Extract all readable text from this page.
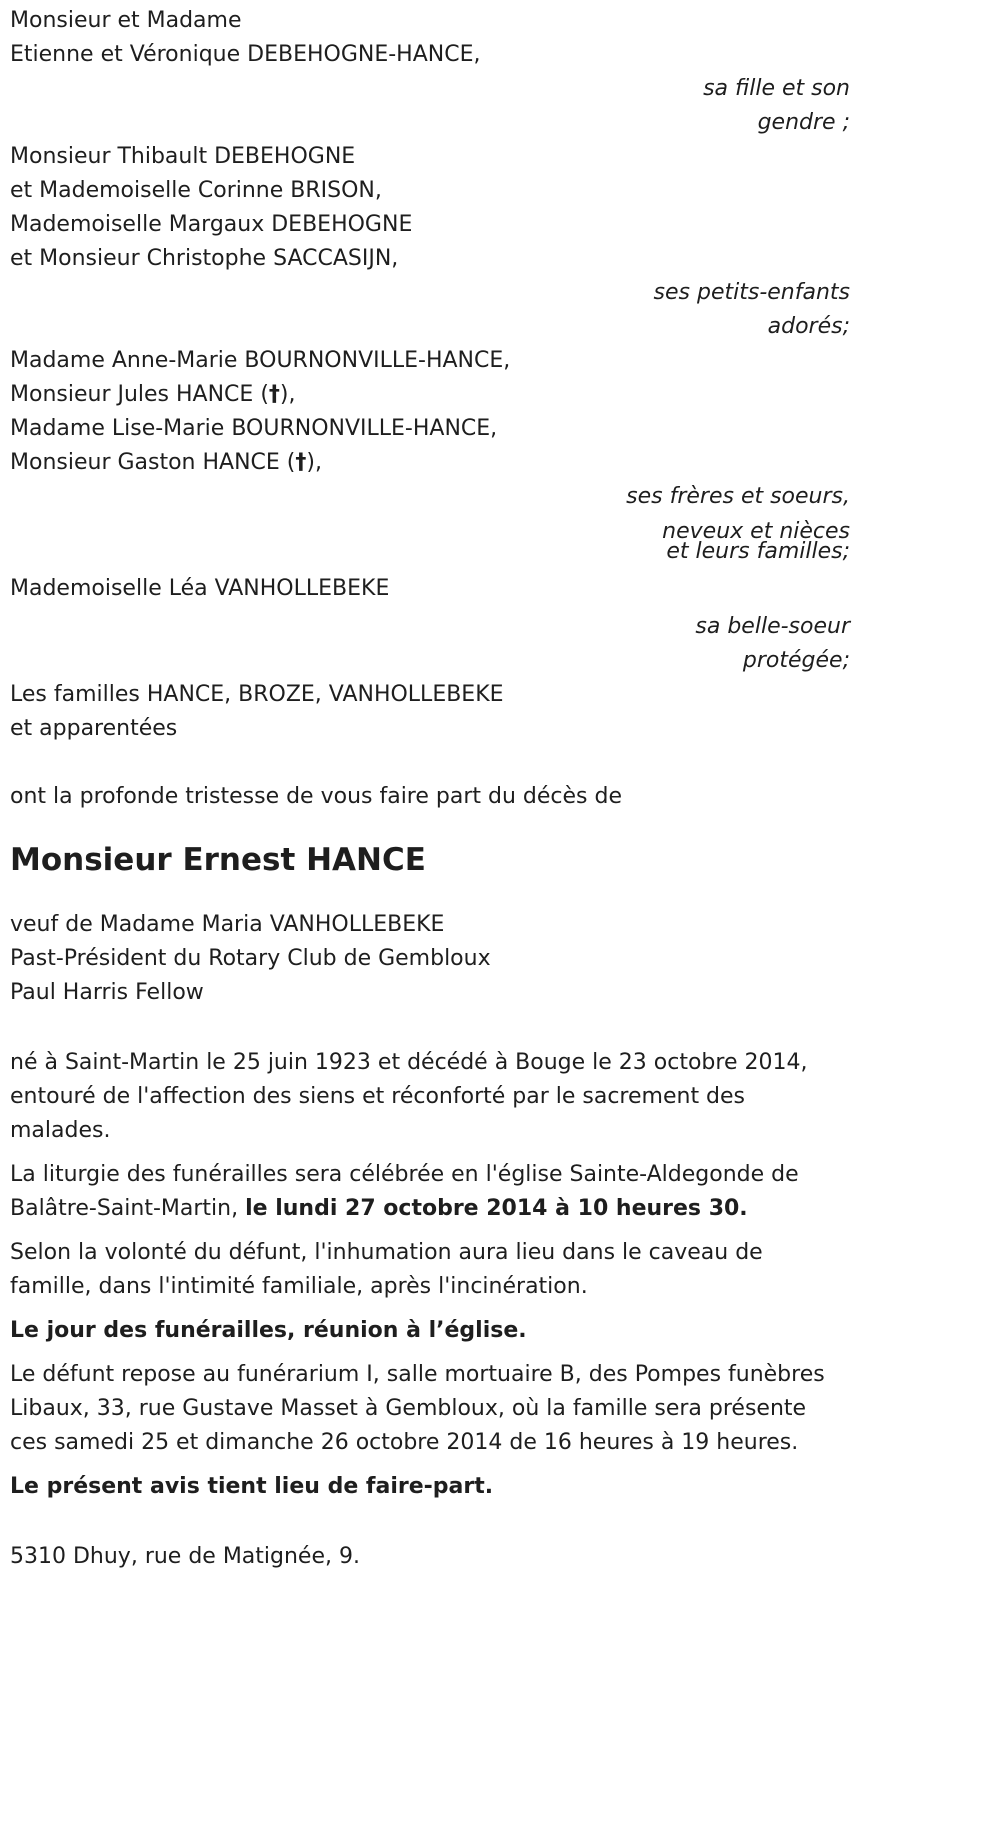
Monsieur et Madame
Etienne et Véronique DEBEHOGNE-HANCE,
sa fille et son
gendre ;
Monsieur Thibault DEBEHOGNE
et Mademoiselle Corinne BRISON,
Mademoiselle Margaux DEBEHOGNE
et Monsieur Christophe SACCASIJN,
ses petits-enfants
adorés;
Madame Anne-Marie BOURNONVILLE-HANCE,
Monsieur Jules HANCE (†),
Madame Lise-Marie BOURNONVILLE-HANCE,
Monsieur Gaston HANCE (†),
ses frères et soeurs,
neveux et nièces
et leurs familles;
Mademoiselle Léa VANHOLLEBEKE
sa belle-soeur
protégée;
Les familles HANCE, BROZE, VANHOLLEBEKE
et apparentées
ont la profonde tristesse de vous faire part du décès de
Monsieur Ernest HANCE
veuf de Madame Maria VANHOLLEBEKE
Past-Président du Rotary Club de Gembloux
Paul Harris Fellow
né à Saint-Martin le 25 juin 1923 et décédé à Bouge le 23 octobre 2014, entouré de l'affection des siens et réconforté par le sacrement des malades.
La liturgie des funérailles sera célébrée en l'église Sainte-Aldegonde de Balâtre-Saint-Martin, le lundi 27 octobre 2014 à 10 heures 30.
Selon la volonté du défunt, l'inhumation aura lieu dans le caveau de famille, dans l'intimité familiale, après l'incinération.
Le jour des funérailles, réunion à l’église.
Le défunt repose au funérarium I, salle mortuaire B, des Pompes funèbres Libaux, 33, rue Gustave Masset à Gembloux, où la famille sera présente ces samedi 25 et dimanche 26 octobre 2014 de 16 heures à 19 heures.
Le présent avis tient lieu de faire-part.
5310 Dhuy, rue de Matignée, 9.
